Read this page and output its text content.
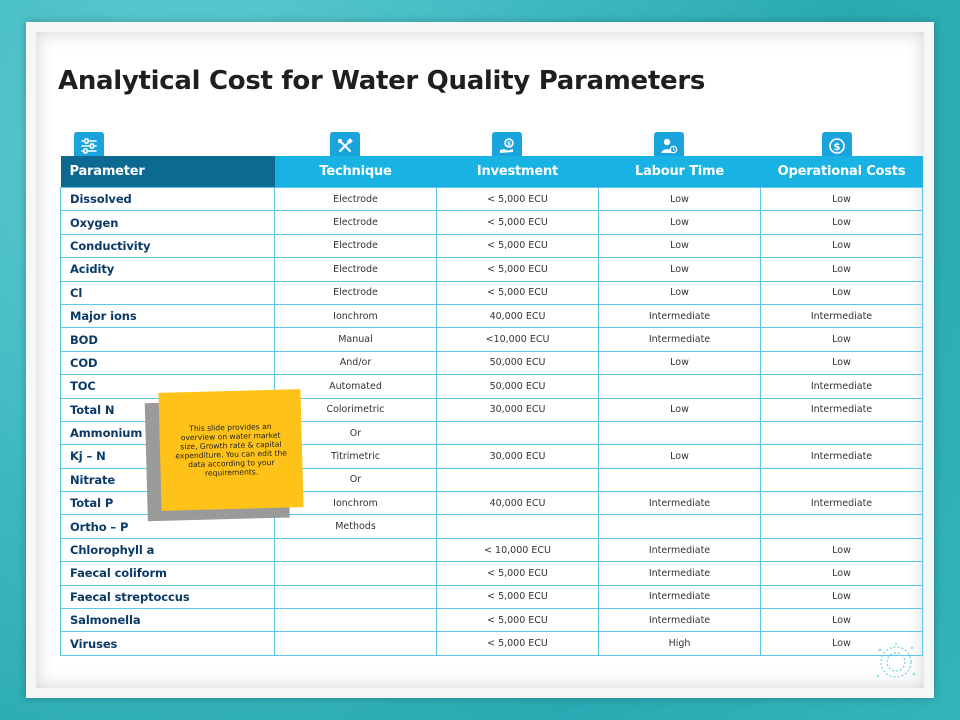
Analytical Cost for Water Quality Parameters
$	$
Parameter	Technique	Investment	Labour Time	Operational Costs
Dissolved	Electrode	< 5,000 ECU	Low	Low
Oxygen	Electrode	< 5,000 ECU	Low	Low
Conductivity	Electrode	< 5,000 ECU	Low	Low
Acidity	Electrode	< 5,000 ECU	Low	Low
Cl	Electrode	< 5,000 ECU	Low	Low
Major ions	Ionchrom	40,000 ECU	Intermediate	Intermediate
BOD	Manual	<10,000 ECU	Intermediate	Low
COD	And/or	50,000 ECU	Low	Low
TOC	Automated	50,000 ECU		Intermediate
Total N	Colorimetric	30,000 ECU	Low	Intermediate
Ammonium	Or			
Kj – N	Titrimetric	30,000 ECU	Low	Intermediate
Nitrate	Or			
Total P	Ionchrom	40,000 ECU	Intermediate	Intermediate
Ortho – P	Methods			
Chlorophyll a		< 10,000 ECU	Intermediate	Low
Faecal coliform		< 5,000 ECU	Intermediate	Low
Faecal streptoccus		< 5,000 ECU	Intermediate	Low
Salmonella		< 5,000 ECU	Intermediate	Low
Viruses		< 5,000 ECU	High	Low
This slide provides an overview on water market size, Growth rate & capital expenditure. You can edit the data according to your requirements.
